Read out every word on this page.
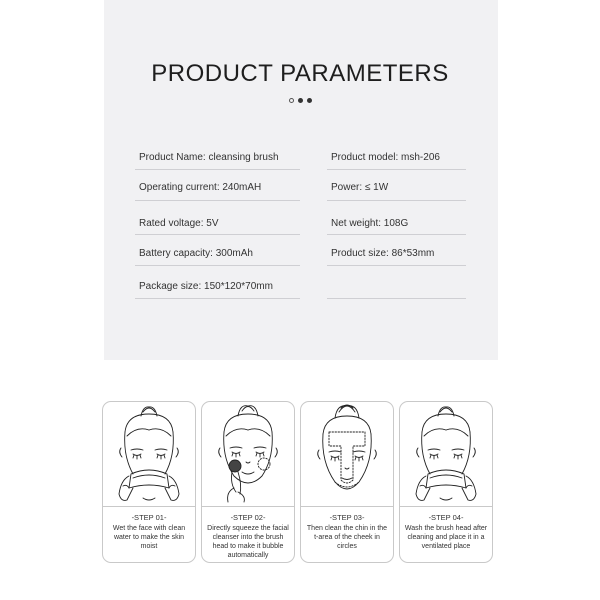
PRODUCT PARAMETERS
Product Name: cleansing brush	Product model: msh-206
Operating current: 240mAH	Power: ≤ 1W
Rated voltage: 5V	Net weight: 108G
Battery capacity: 300mAh	Product size: 86*53mm
Package size: 150*120*70mm
-STEP 01-
Wet the face with clean water to make the skin moist
-STEP 02-
Directly squeeze the facial cleanser into the brush head to make it bubble automatically
-STEP 03-
Then clean the chin in the t-area of the cheek in circles
-STEP 04-
Wash the brush head after cleaning and place it in a ventilated place
